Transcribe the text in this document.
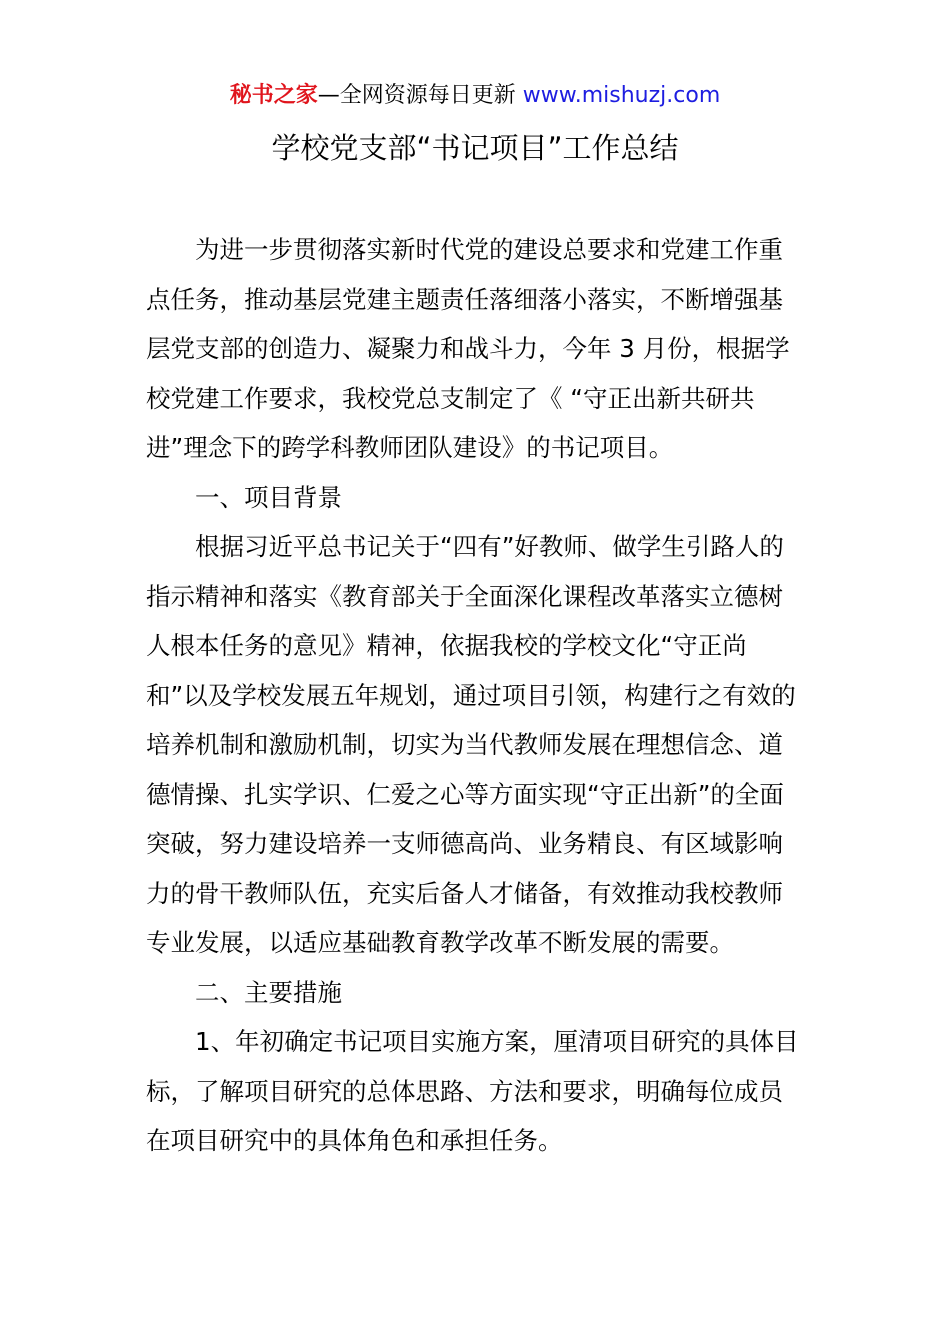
秘书之家—全网资源每日更新 www.mishuzj.com
学校党支部“书记项目”工作总结

为进一步贯彻落实新时代党的建设总要求和党建工作重点任务，推动基层党建主题责任落细落小落实，不断增强基层党支部的创造力、凝聚力和战斗力，今年 3 月份，根据学校党建工作要求，我校党总支制定了《 “守正出新共研共进”理念下的跨学科教师团队建设》的书记项目。

一、项目背景

根据习近平总书记关于“四有”好教师、做学生引路人的指示精神和落实《教育部关于全面深化课程改革落实立德树人根本任务的意见》精神，依据我校的学校文化“守正尚和”以及学校发展五年规划，通过项目引领，构建行之有效的培养机制和激励机制，切实为当代教师发展在理想信念、道德情操、扎实学识、仁爱之心等方面实现“守正出新”的全面突破，努力建设培养一支师德高尚、业务精良、有区域影响力的骨干教师队伍，充实后备人才储备，有效推动我校教师专业发展，以适应基础教育教学改革不断发展的需要。

二、主要措施

1、年初确定书记项目实施方案，厘清项目研究的具体目标，了解项目研究的总体思路、方法和要求，明确每位成员在项目研究中的具体角色和承担任务。
